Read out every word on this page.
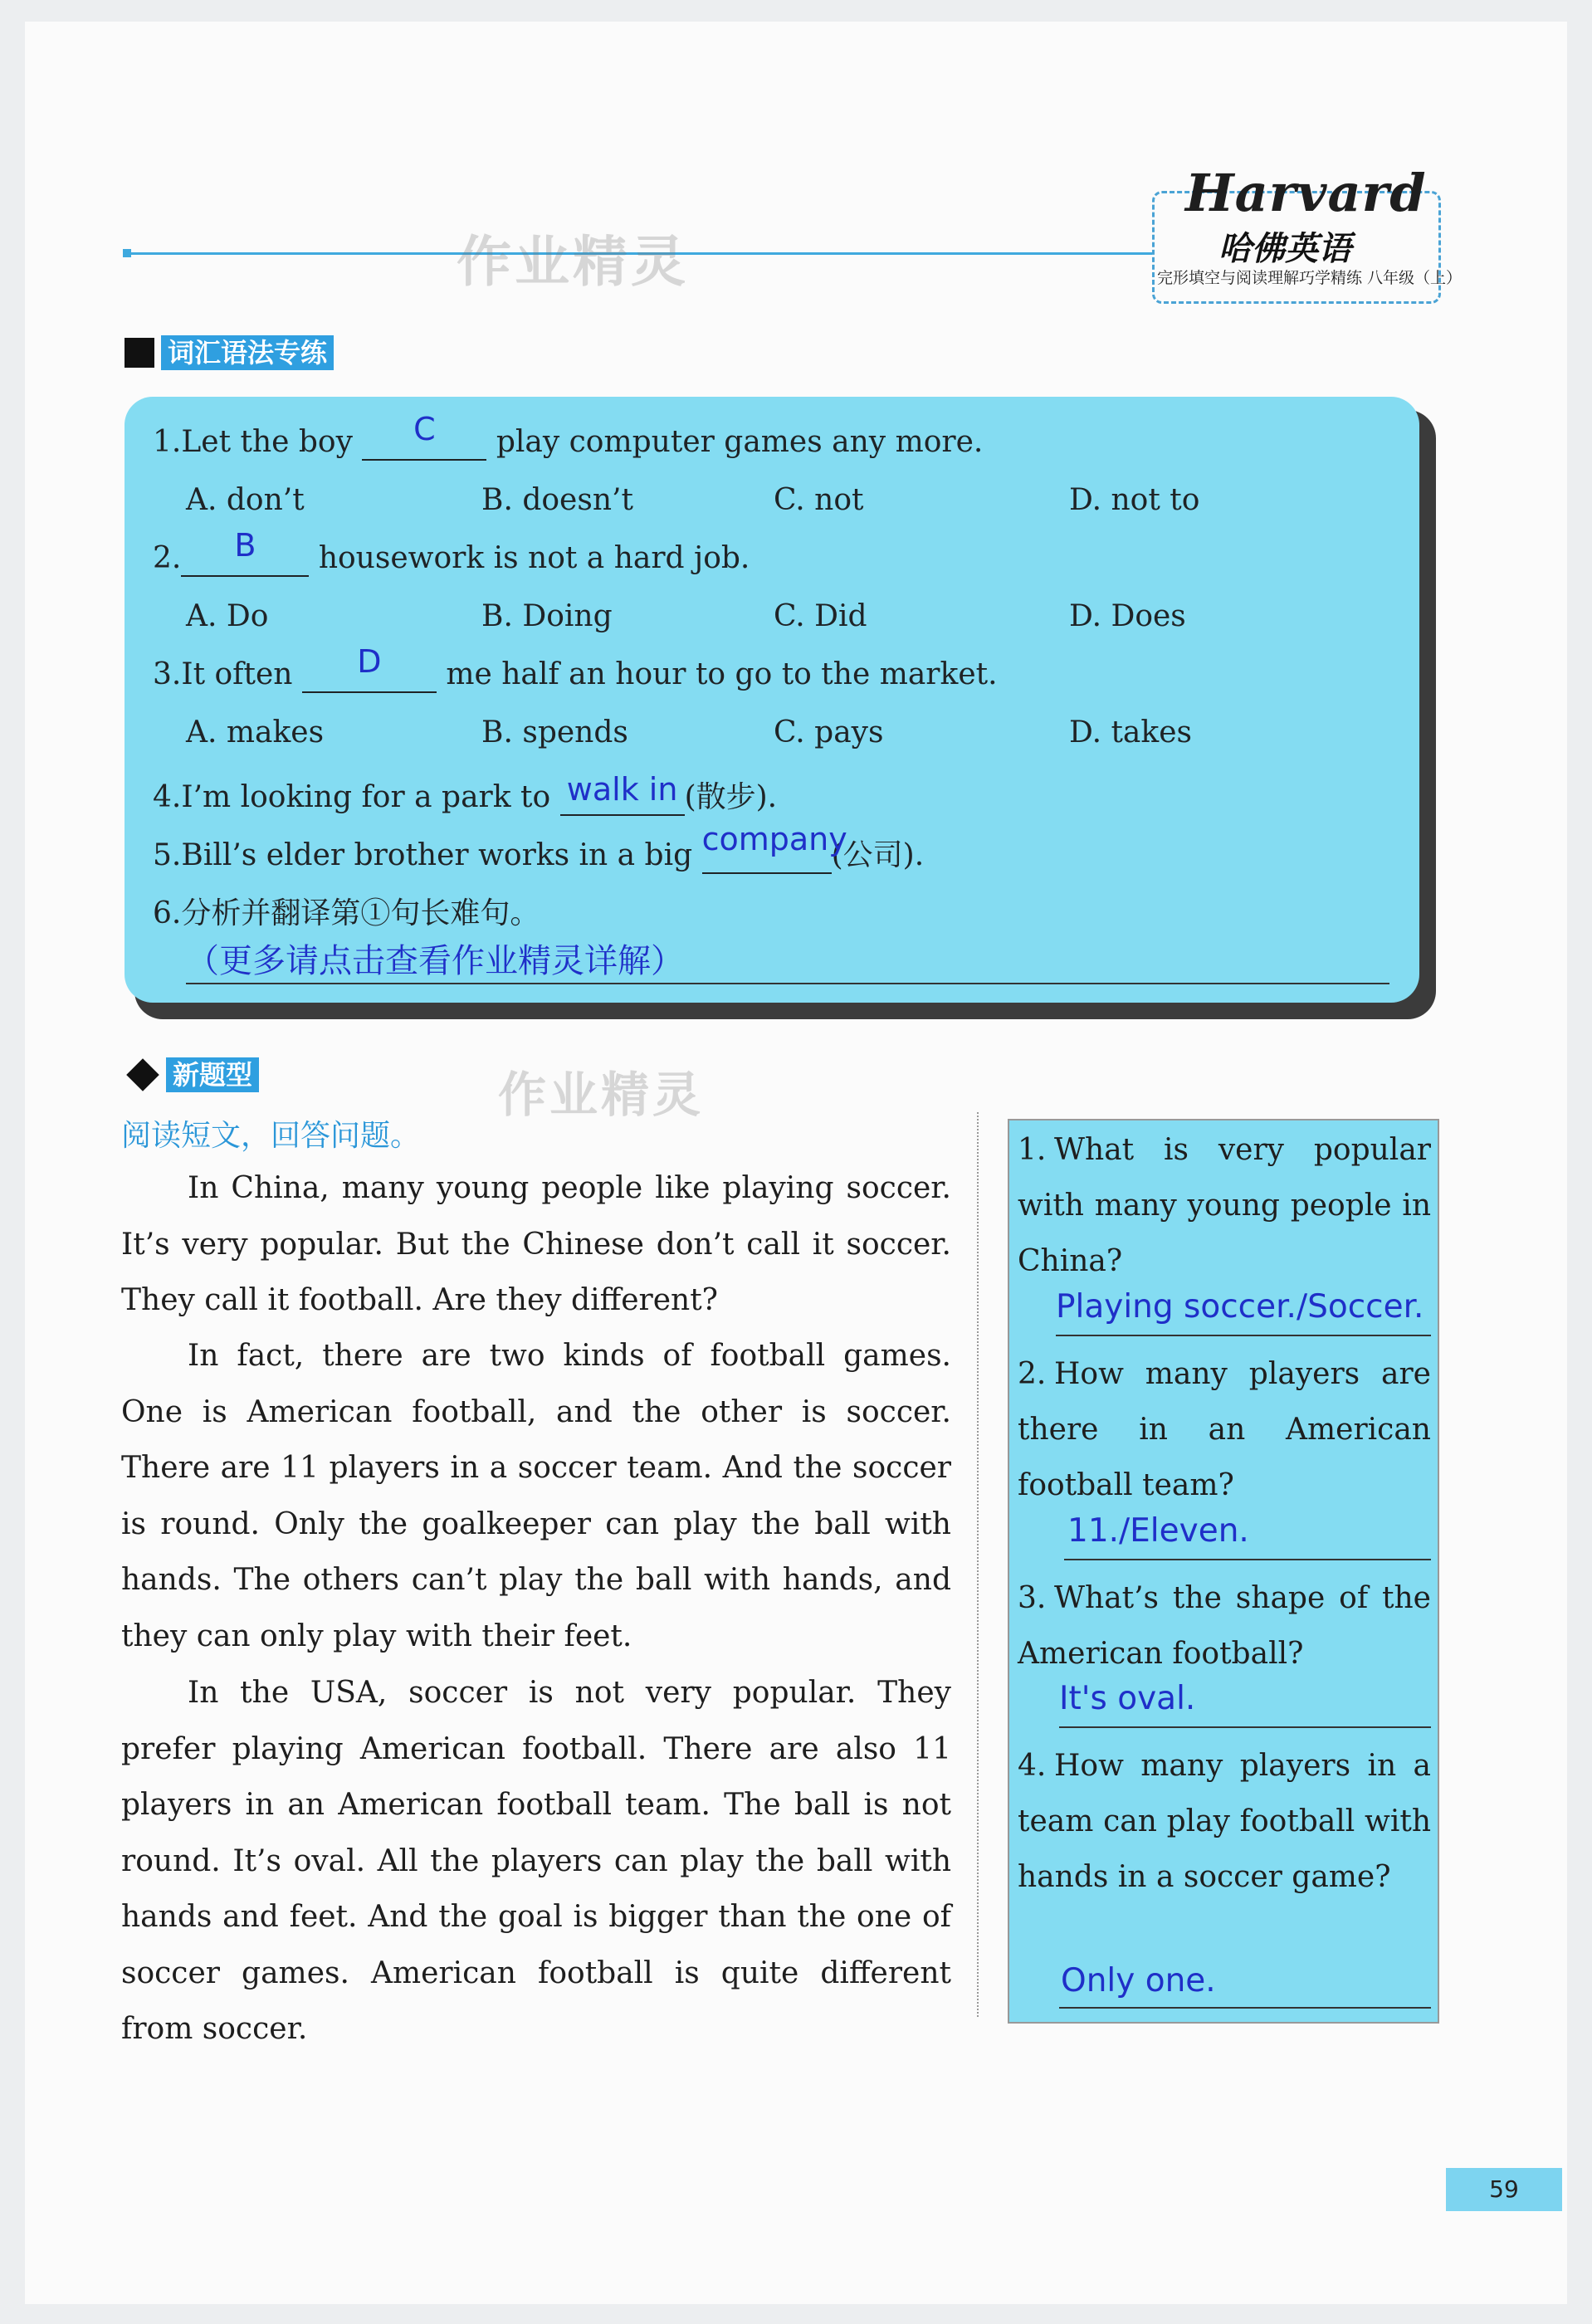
作业精灵
Harvard
哈佛英语
完形填空与阅读理解巧学精练 八年级（上）
词汇语法专练
1.Let the boy	C	play computer games any more.
A. don’t	B. doesn’t	C. not	D. not to
2.	B	housework is not a hard job.
A. Do	B. Doing	C. Did	D. Does
3.It often	D	me half an hour to go to the market.
A. makes	B. spends	C. pays	D. takes
4.I’m looking for a park to walk in (散步).
5.Bill’s elder brother works in a big company
(公司).
6.分析并翻译第①句长难句。
（更多请点击查看作业精灵详解）
新题型	作业精灵
阅读短文，回答问题。
In China, many young people like playing soccer. It’s very popular. But the Chinese don’t call it soccer. They call it football. Are they different?
In fact, there are two kinds of football games. One is American football, and the other is soccer. There are 11 players in a soccer team. And the soccer is round. Only the goalkeeper can play the ball with hands. The others can’t play the ball with hands, and they can only play with their feet.
In the USA, soccer is not very popular. They prefer playing American football. There are also 11 players in an American football team. The ball is not round. It’s oval. All the players can play the ball with hands and feet. And the goal is bigger than the one of soccer games. American football is quite different from soccer.
1. What is very popular with many young people in China?
Playing soccer./Soccer.
2. How many players are there in an American football team?
11./Eleven.
3. What’s the shape of the American football?
It's oval.
4. How many players in a team can play football with hands in a soccer game?
Only one.
59
